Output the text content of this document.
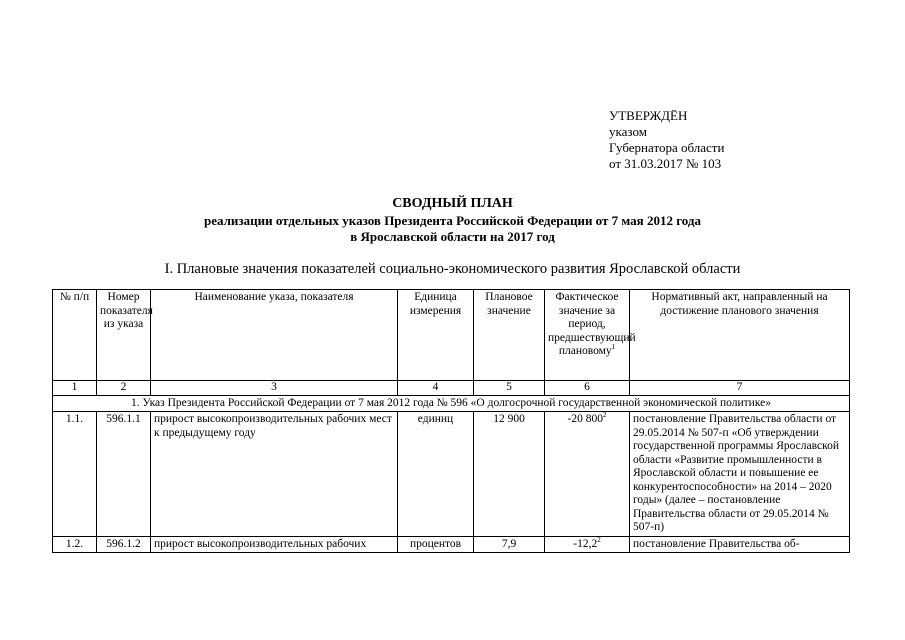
УТВЕРЖДЁН
указом
Губернатора области
от 31.03.2017 № 103
СВОДНЫЙ ПЛАН
реализации отдельных указов Президента Российской Федерации от 7 мая 2012 года
в Ярославской области на 2017 год
I. Плановые значения показателей социально-экономического развития Ярославской области
№ п/п	Номер показателя из указа	Наименование указа, показателя	Единица измерения	Плановое значение	Фактическое значение за период, предшествующий плановому$^1$	Нормативный акт, направленный на достижение планового значения
1	2	3	4	5	6	7
1. Указ Президента Российской Федерации от 7 мая 2012 года № 596 «О долгосрочной государственной экономической политике»						
1.1.	596.1.1	прирост высокопроизводительных рабочих мест к предыдущему году	единиц	12 900	-20 $800^2$	постановление Правительства области от 29.05.2014 № 507-п «Об утверждении государственной программы Ярославской области «Развитие промышленности в Ярославской области и повышение ее конкурентоспособности» на 2014 – 2020 годы» (далее – постановление Правительства области от 29.05.2014 № 507-п)
1.2.	596.1.2	прирост высокопроизводительных рабочих	процентов	7,9	-12,2$^2$	постановление Правительства об-
